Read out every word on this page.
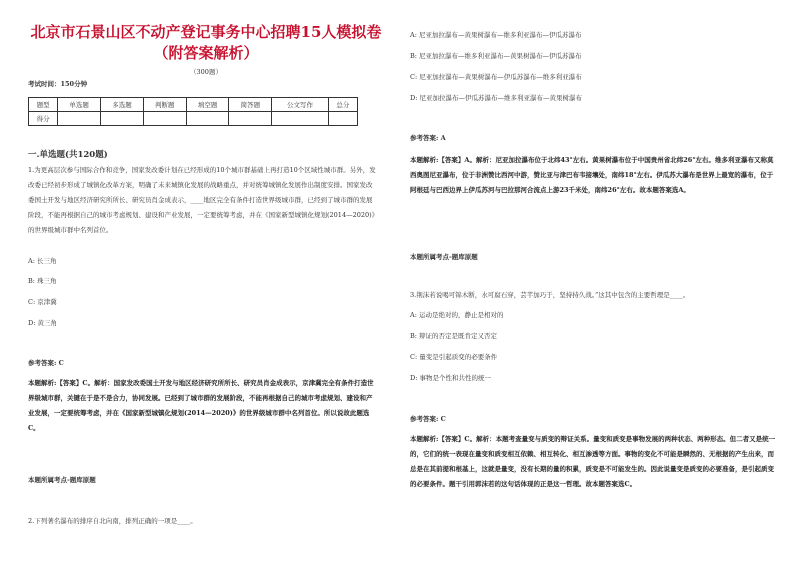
北京市石景山区不动产登记事务中心招聘15人模拟卷（附答案解析）
（300题）
考试时间：150分钟
题型	单选题	多选题	判断题	填空题	简答题	公文写作	总分
得分							
一.单选题(共120题)
1.为更高层次参与国际合作和竞争，国家发改委计划在已经形成的10个城市群基础上再打造10个区域性城市群。另外，发改委已经初步形成了城镇化改革方案，明确了未来城镇化发展的战略重点，并对统筹城镇化发展作出制度安排。国家发改委国土开发与地区经济研究所所长、研究员肖金成表示，____地区完全有条件打造世界级城市群，已经到了城市群的发展阶段，不能再根据自己的城市考虑规划、建设和产业发展，一定要统筹考虑，并在《国家新型城镇化规划(2014—2020)》的世界级城市群中名列首位。
A: 长三角
B: 珠三角
C: 京津冀
D: 黄三角
参考答案: C
本题解析:【答案】C。解析：国家发改委国土开发与地区经济研究所所长、研究员肖金成表示，京津冀完全有条件打造世界级城市群，关键在于是不是合力，协同发展。已经到了城市群的发展阶段，不能再根据自己的城市考虑规划、建设和产业发展，一定要统筹考虑，并在《国家新型城镇化规划(2014—2020)》的世界级城市群中名列首位。所以说故此题选C。
本题所属考点-题库原题
2.下列著名瀑布的排序自北向南，排列正确的一项是____。
A: 尼亚加拉瀑布—黄果树瀑布—维多利亚瀑布—伊瓜苏瀑布
B: 尼亚加拉瀑布—维多利亚瀑布—黄果树瀑布—伊瓜苏瀑布
C: 尼亚加拉瀑布—黄果树瀑布—伊瓜苏瀑布—维多利亚瀑布
D: 尼亚加拉瀑布—伊瓜苏瀑布—维多利亚瀑布—黄果树瀑布
参考答案: A
本题解析:【答案】A。解析：尼亚加拉瀑布位于北纬43°左右。黄果树瀑布位于中国贵州省北纬26°左右。维多利亚瀑布又称莫西奥图尼亚瀑布，位于非洲赞比西河中游，赞比亚与津巴布韦接壤处，南纬18°左右。伊瓜苏大瀑布是世界上最宽的瀑布，位于阿根廷与巴西边界上伊瓜苏河与巴拉那河合流点上游23千米处，南纬26°左右。故本题答案选A。
本题所属考点-题库原题
3.荆沫若说喝可锦木断，水可腐石穿，芸芊加巧于，坚持持久战。”这其中包含的主要哲理是____。
A: 运动是绝对的，静止是相对的
B: 辩证的否定是既肯定又否定
C: 量变是引起质变的必要条件
D: 事物是个性和共性的统一
参考答案: C
本题解析:【答案】C。解析：本题考查量变与质变的辩证关系。量变和质变是事物发展的两种状态、两种形态。但二者又是统一的，它们的统一表现在量变和质变相互依赖、相互转化、相互渗透等方面。事物的变化不可能是瞬然的、无根据的产生出来，而总是在其前提和根基上，这就是量变，没有长期的量的积累，质变是不可能发生的。因此说量变是质变的必要准备，是引起质变的必要条件。题干引用郭沫若的这句话体现的正是这一哲理。故本题答案选C。
